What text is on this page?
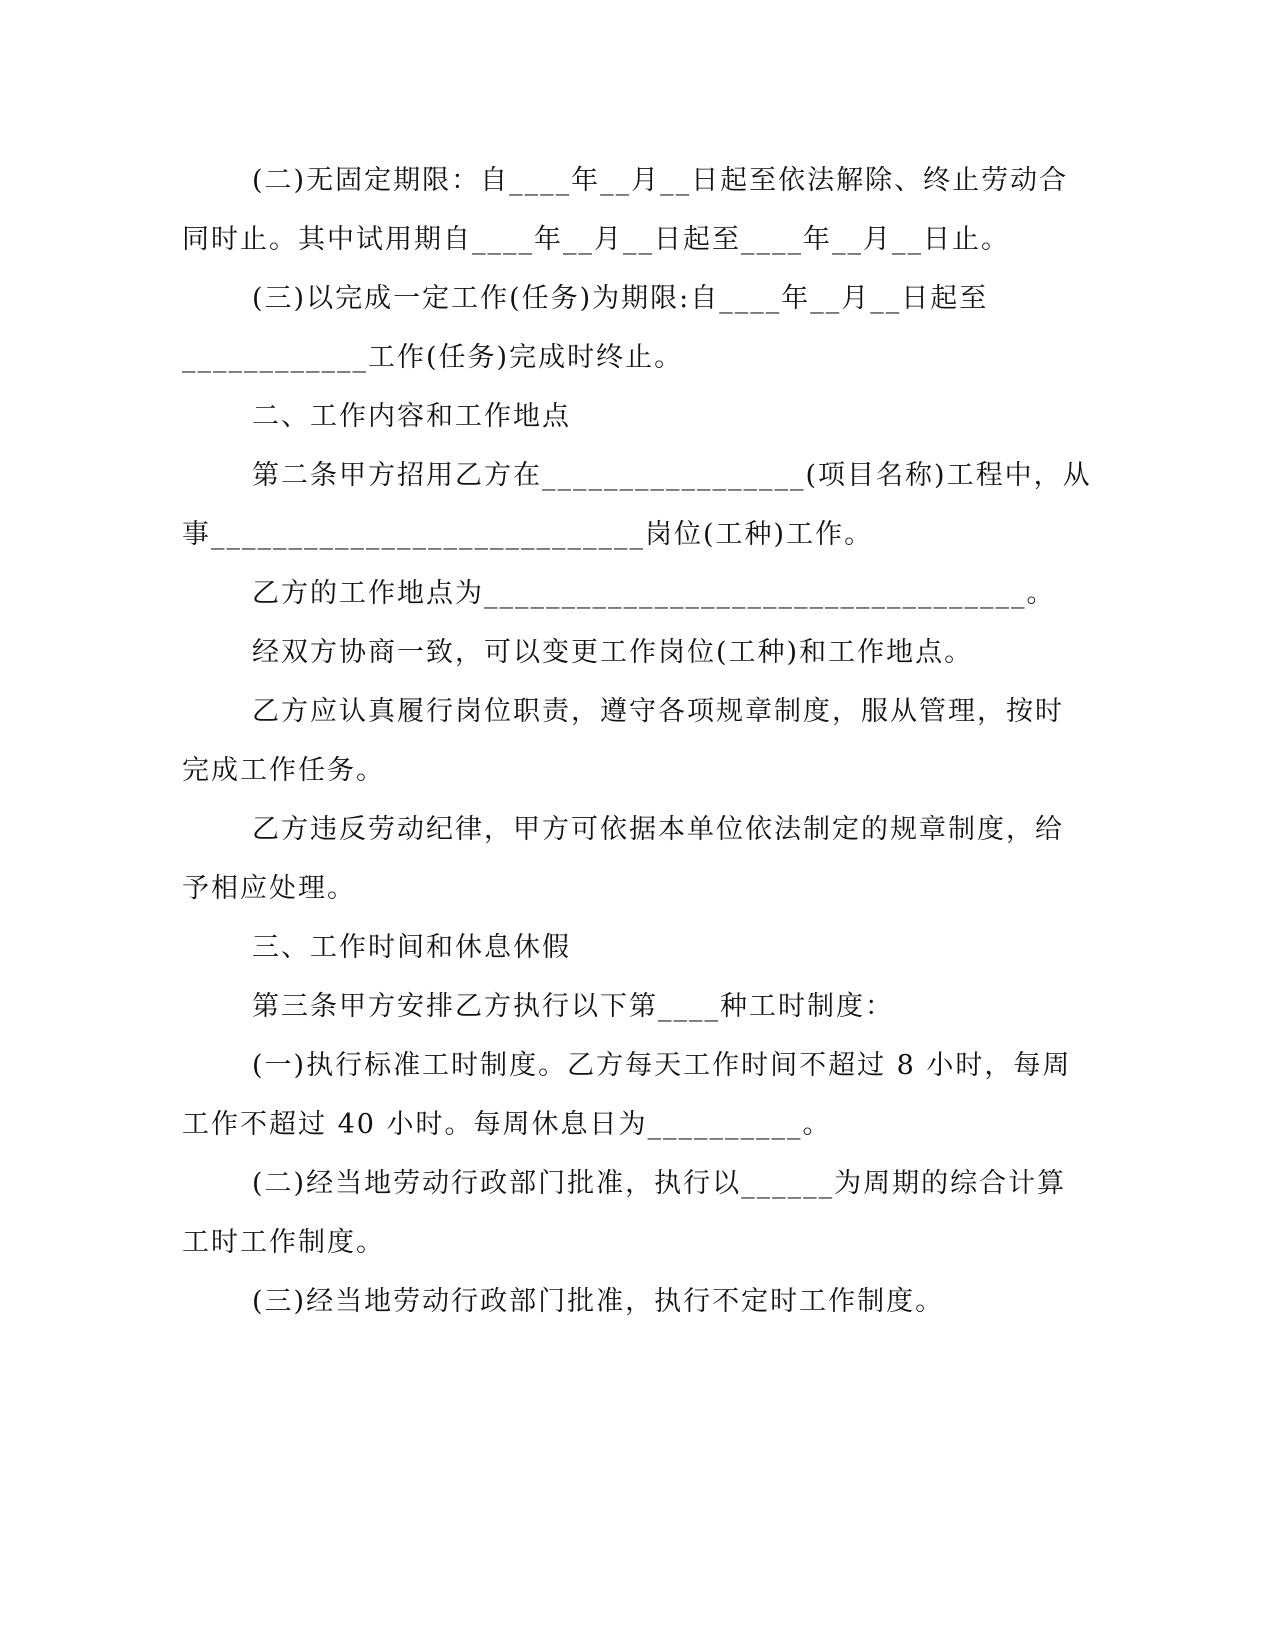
(二)无固定期限：自____年__月__日起至依法解除、终止劳动合
同时止。其中试用期自____年__月__日起至____年__月__日止。
(三)以完成一定工作(任务)为期限:自____年__月__日起至
____________工作(任务)完成时终止。
二、工作内容和工作地点
第二条甲方招用乙方在_________________(项目名称)工程中，从
事____________________________岗位(工种)工作。
乙方的工作地点为___________________________________。
经双方协商一致，可以变更工作岗位(工种)和工作地点。
乙方应认真履行岗位职责，遵守各项规章制度，服从管理，按时
完成工作任务。
乙方违反劳动纪律，甲方可依据本单位依法制定的规章制度，给
予相应处理。
三、工作时间和休息休假
第三条甲方安排乙方执行以下第____种工时制度：
(一)执行标准工时制度。乙方每天工作时间不超过 8 小时，每周
工作不超过 40 小时。每周休息日为__________。
(二)经当地劳动行政部门批准，执行以______为周期的综合计算
工时工作制度。
(三)经当地劳动行政部门批准，执行不定时工作制度。
